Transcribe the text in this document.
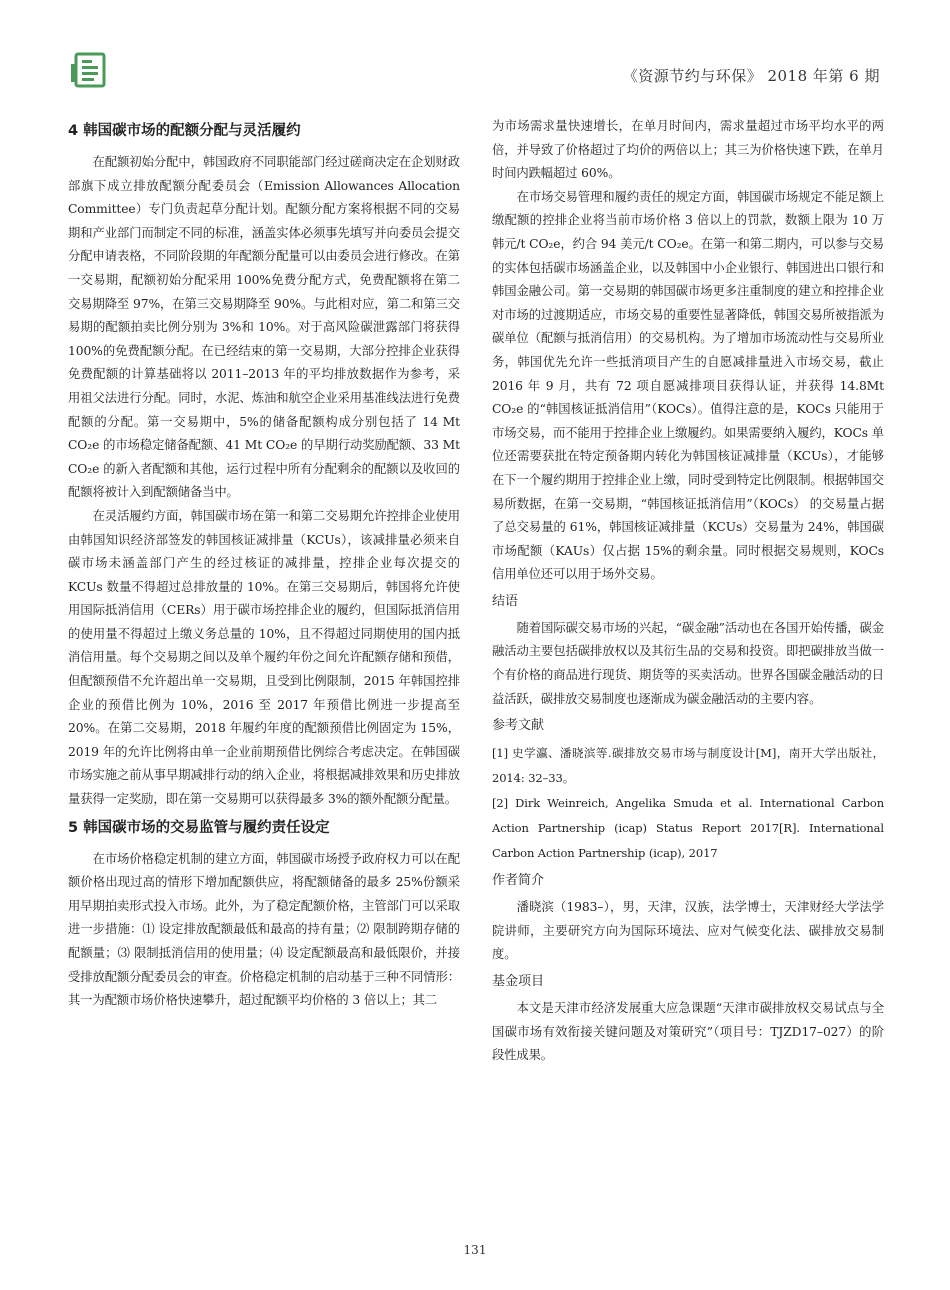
《资源节约与环保》 2018 年第 6 期
4 韩国碳市场的配额分配与灵活履约

在配额初始分配中，韩国政府不同职能部门经过磋商决定在企划财政部旗下成立排放配额分配委员会（Emission Allowances Allocation Committee）专门负责起草分配计划。配额分配方案将根据不同的交易期和产业部门而制定不同的标准，涵盖实体必须事先填写并向委员会提交分配申请表格，不同阶段期的年配额分配量可以由委员会进行修改。在第一交易期，配额初始分配采用 100%免费分配方式，免费配额将在第二交易期降至 97%，在第三交易期降至 90%。与此相对应，第二和第三交易期的配额拍卖比例分别为 3%和 10%。对于高风险碳泄露部门将获得 100%的免费配额分配。在已经结束的第一交易期，大部分控排企业获得免费配额的计算基础将以 2011–2013 年的平均排放数据作为参考，采用祖父法进行分配。同时，水泥、炼油和航空企业采用基准线法进行免费配额的分配。第一交易期中，5%的储备配额构成分别包括了 14 Mt CO₂e 的市场稳定储备配额、41 Mt CO₂e 的早期行动奖励配额、33 Mt CO₂e 的新入者配额和其他，运行过程中所有分配剩余的配额以及收回的配额将被计入到配额储备当中。

在灵活履约方面，韩国碳市场在第一和第二交易期允许控排企业使用由韩国知识经济部签发的韩国核证减排量（KCUs），该减排量必须来自碳市场未涵盖部门产生的经过核证的减排量，控排企业每次提交的 KCUs 数量不得超过总排放量的 10%。在第三交易期后，韩国将允许使用国际抵消信用（CERs）用于碳市场控排企业的履约，但国际抵消信用的使用量不得超过上缴义务总量的 10%，且不得超过同期使用的国内抵消信用量。每个交易期之间以及单个履约年份之间允许配额存储和预借，但配额预借不允许超出单一交易期，且受到比例限制，2015 年韩国控排企业的预借比例为 10%，2016 至 2017 年预借比例进一步提高至 20%。在第二交易期，2018 年履约年度的配额预借比例固定为 15%，2019 年的允许比例将由单一企业前期预借比例综合考虑决定。在韩国碳市场实施之前从事早期减排行动的纳入企业，将根据减排效果和历史排放量获得一定奖励，即在第一交易期可以获得最多 3%的额外配额分配量。

5 韩国碳市场的交易监管与履约责任设定

在市场价格稳定机制的建立方面，韩国碳市场授予政府权力可以在配额价格出现过高的情形下增加配额供应，将配额储备的最多 25%份额采用早期拍卖形式投入市场。此外，为了稳定配额价格，主管部门可以采取进一步措施：⑴ 设定排放配额最低和最高的持有量；⑵ 限制跨期存储的配额量；⑶ 限制抵消信用的使用量；⑷ 设定配额最高和最低限价，并接受排放配额分配委员会的审查。价格稳定机制的启动基于三种不同情形：其一为配额市场价格快速攀升，超过配额平均价格的 3 倍以上；其二

为市场需求量快速增长，在单月时间内，需求量超过市场平均水平的两倍，并导致了价格超过了均价的两倍以上；其三为价格快速下跌，在单月时间内跌幅超过 60%。

在市场交易管理和履约责任的规定方面，韩国碳市场规定不能足额上缴配额的控排企业将当前市场价格 3 倍以上的罚款，数额上限为 10 万韩元/t CO₂e，约合 94 美元/t CO₂e。在第一和第二期内，可以参与交易的实体包括碳市场涵盖企业，以及韩国中小企业银行、韩国进出口银行和韩国金融公司。第一交易期的韩国碳市场更多注重制度的建立和控排企业对市场的过渡期适应，市场交易的重要性显著降低，韩国交易所被指派为碳单位（配额与抵消信用）的交易机构。为了增加市场流动性与交易所业务，韩国优先允许一些抵消项目产生的自愿减排量进入市场交易，截止 2016 年 9 月，共有 72 项自愿减排项目获得认证，并获得 14.8Mt CO₂e 的“韩国核证抵消信用”（KOCs）。值得注意的是，KOCs 只能用于市场交易，而不能用于控排企业上缴履约。如果需要纳入履约，KOCs 单位还需要获批在特定预备期内转化为韩国核证减排量（KCUs），才能够在下一个履约期用于控排企业上缴，同时受到特定比例限制。根据韩国交易所数据，在第一交易期，“韩国核证抵消信用”（KOCs） 的交易量占据了总交易量的 61%，韩国核证减排量（KCUs）交易量为 24%，韩国碳市场配额（KAUs）仅占据 15%的剩余量。同时根据交易规则，KOCs 信用单位还可以用于场外交易。

结语

随着国际碳交易市场的兴起，“碳金融”活动也在各国开始传播，碳金融活动主要包括碳排放权以及其衍生品的交易和投资。即把碳排放当做一个有价格的商品进行现货、期货等的买卖活动。世界各国碳金融活动的日益活跃，碳排放交易制度也逐渐成为碳金融活动的主要内容。

参考文献

[1] 史学瀛、潘晓滨等.碳排放交易市场与制度设计[M]，南开大学出版社，2014: 32–33。

[2] Dirk Weinreich, Angelika Smuda et al. International Carbon Action Partnership (icap) Status Report 2017[R]. International Carbon Action Partnership (icap), 2017

作者简介

潘晓滨（1983–），男，天津，汉族，法学博士，天津财经大学法学院讲师，主要研究方向为国际环境法、应对气候变化法、碳排放交易制度。

基金项目

本文是天津市经济发展重大应急课题“天津市碳排放权交易试点与全国碳市场有效衔接关键问题及对策研究”（项目号：TJZD17–027）的阶段性成果。

131
